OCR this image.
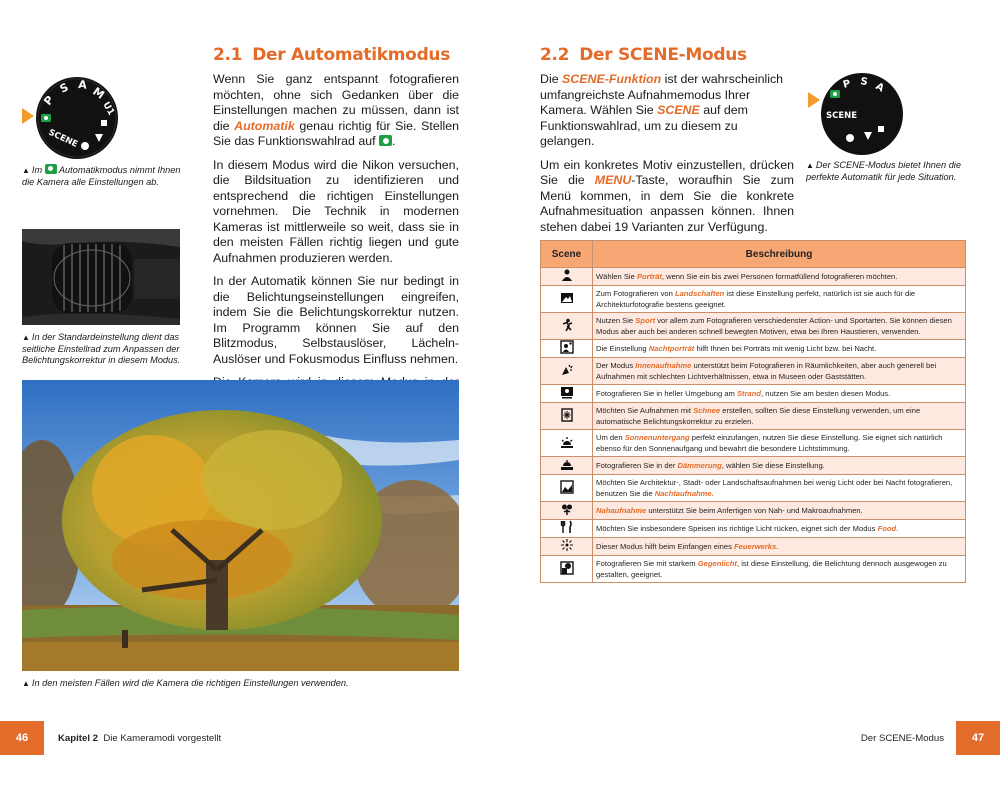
P
S A M
U1
SCENE
▲ Im  Automatikmodus nimmt Ihnen die Kamera alle Einstellungen ab.
▲ In der Standardeinstellung dient das seitliche Einstellrad zum Anpassen der Belichtungskorrektur in diesem Modus.
2.1 Der Automatikmodus

Wenn Sie ganz entspannt fotografieren möchten, ohne sich Gedanken über die Einstellungen machen zu müssen, dann ist die Automatik genau richtig für Sie. Stellen Sie das Funktionswahlrad auf .

In diesem Modus wird die Nikon versuchen, die Bildsituation zu identifizieren und entsprechend die richtigen Einstellungen vornehmen. Die Technik in modernen Kameras ist mittlerweile so weit, dass sie in den meisten Fällen richtig liegen und gute Aufnahmen produzieren werden.

In der Automatik können Sie nur bedingt in die Belichtungseinstellungen eingreifen, indem Sie die Belichtungskorrektur nutzen. Im Programm können Sie auf den Blitzmodus, Selbstauslöser, Lächeln-Auslöser und Fokusmodus Einfluss nehmen.

▲ In den meisten Fällen wird die Kamera die richtigen Einstellungen verwenden.
2.2 Der SCENE-Modus

Die SCENE-Funktion ist der wahrscheinlich umfangreichste Aufnahmemodus Ihrer Kamera. Wählen Sie SCENE auf dem Funktionswahlrad, um zu diesem zu gelangen.

Um ein konkretes Motiv einzustellen, drücken Sie die MENU-Taste, woraufhin Sie zum Menü kommen, in dem Sie die konkrete Aufnahmesituation anpassen können. Ihnen stehen dabei 19 Varianten zur Verfügung.

P S A
SCENE
▲ Der SCENE-Modus bietet Ihnen die perfekte Automatik für jede Situation.
Scene	Beschreibung
	Wählen Sie Porträt, wenn Sie ein bis zwei Personen formatfüllend fotografieren möchten.
	Zum Fotografieren von Landschaften ist diese Einstellung perfekt, natürlich ist sie auch für die Architekturfotografie bestens geeignet.
	Nutzen Sie Sport vor allem zum Fotografieren verschiedenster Action- und Sportarten. Sie können diesen Modus aber auch bei anderen schnell bewegten Motiven, etwa bei Ihren Haustieren, verwenden.
	Die Einstellung Nachtporträt hilft Ihnen bei Porträts mit wenig Licht bzw. bei Nacht.
	Der Modus Innenaufnahme unterstützt beim Fotografieren in Räumlichkeiten, aber auch generell bei Aufnahmen mit schlechten Lichtverhältnissen, etwa in Museen oder Gaststätten.
	Fotografieren Sie in heller Umgebung am Strand, nutzen Sie am besten diesen Modus.
	Möchten Sie Aufnahmen mit Schnee erstellen, sollten Sie diese Einstellung verwenden, um eine automatische Belichtungskorrektur zu erzielen.
	Um den Sonnenuntergang perfekt einzufangen, nutzen Sie diese Einstellung. Sie eignet sich natürlich ebenso für den Sonnenaufgang und bewahrt die besondere Lichtstimmung.
	Fotografieren Sie in der Dämmerung, wählen Sie diese Einstellung.
	Möchten Sie Architektur-, Stadt- oder Landschaftsaufnahmen bei wenig Licht oder bei Nacht fotografieren, benutzen Sie die Nachtaufnahme.
	Nahaufnahme unterstützt Sie beim Anfertigen von Nah- und Makroaufnahmen.
	Möchten Sie insbesondere Speisen ins richtige Licht rücken, eignet sich der Modus Food.
	Dieser Modus hilft beim Einfangen eines Feuerwerks.
	Fotografieren Sie mit starkem Gegenlicht, ist diese Einstellung, die Belichtung dennoch ausgewogen zu gestalten, geeignet.
46	Kapitel 2 Die Kameramodi vorgestellt	Der SCENE-Modus	47
